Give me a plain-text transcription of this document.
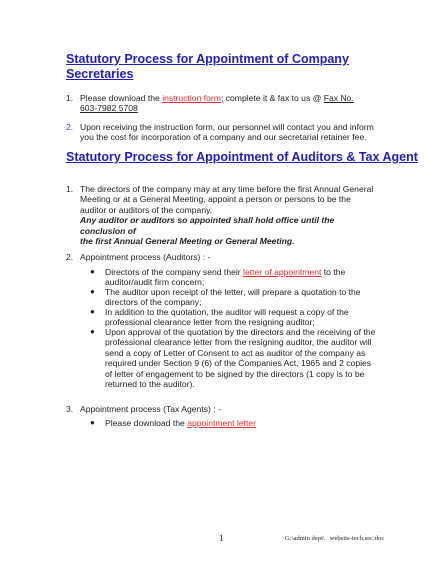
Statutory Process for Appointment of Company
Secretaries
1. Please download the instruction form; complete it & fax to us @ Fax No.
603-7982 5708
2. Upon receiving the instruction form, our personnel will contact you and inform
you the cost for incorporation of a company and our secretarial retainer fee.
Statutory Process for Appointment of Auditors & Tax Agent
1. The directors of the company may at any time before the first Annual General
Meeting or at a General Meeting, appoint a person or persons to be the
auditor or auditors of the company.
Any auditor or auditors so appointed shall hold office until the conclusion of
the first Annual General Meeting or General Meeting.
2. Appointment process (Auditors) : -
● Directors of the company send their letter of appointment to the
auditor/audit firm concern;
● The auditor upon receipt of the letter, will prepare a quotation to the
directors of the company;
● In addition to the quotation, the auditor will request a copy of the
professional clearance letter from the resigning auditor;
● Upon approval of the quotation by the directors and the receiving of the
professional clearance letter from the resigning auditor, the auditor will
send a copy of Letter of Consent to act as auditor of the company as
required under Section 9 (6) of the Companies Act, 1965 and 2 copies
of letter of engagement to be signed by the directors (1 copy is to be
returned to the auditor).
3. Appointment process (Tax Agents) : -
● Please download the appointment letter
1	G:\admin dept\   website-tech.sec.doc
